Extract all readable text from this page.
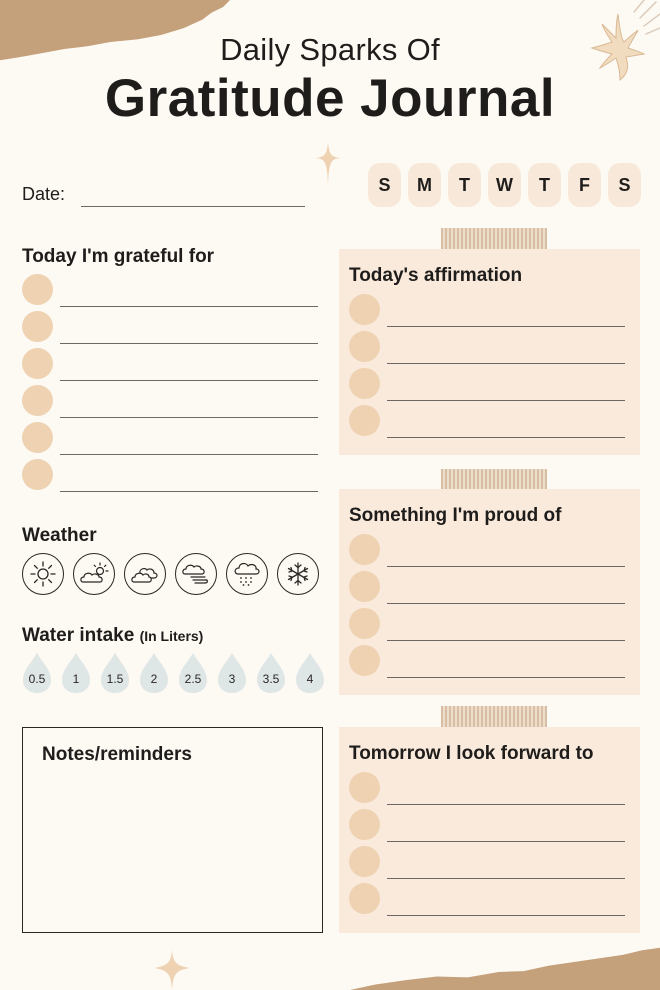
Daily Sparks Of
Gratitude Journal
Date:	S	M	T	W	T	F	S
Today I'm grateful for
Today's affirmation
Something I'm proud of
Tomorrow I look forward to
Weather
Water intake (In Liters)
0.5 1 1.5 2 2.5 3 3.5 4
Notes/reminders
